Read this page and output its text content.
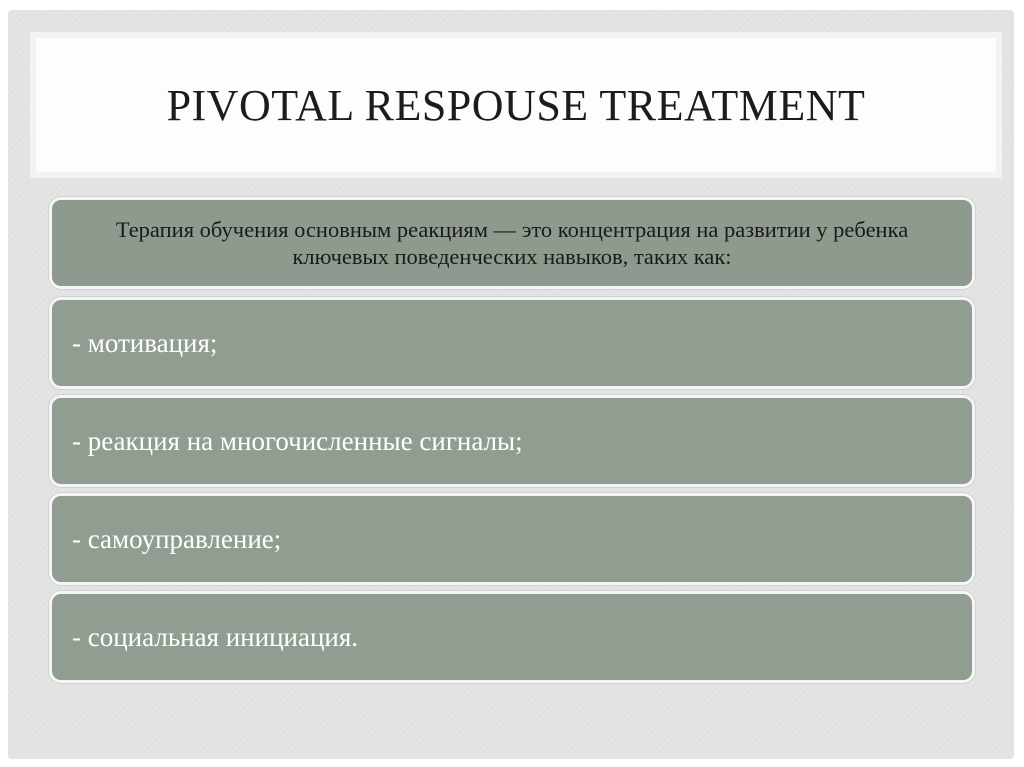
PIVOTAL RESPOUSE TREATMENT
Терапия обучения основным реакциям — это концентрация на развитии у ребенка ключевых поведенческих навыков, таких как:
- мотивация;
- реакция на многочисленные сигналы;
- самоуправление;
- социальная инициация.
